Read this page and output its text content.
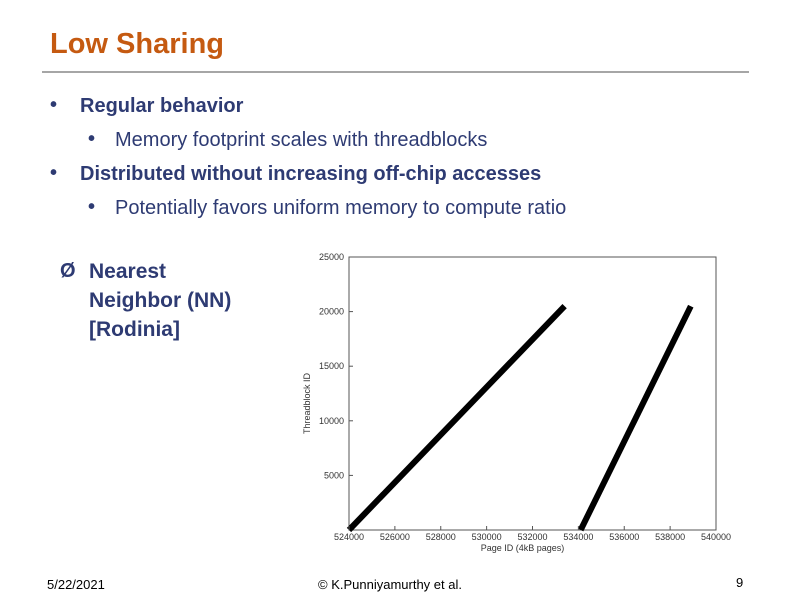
Low Sharing
• Regular behavior
• Memory footprint scales with threadblocks
• Distributed without increasing off-chip accesses
• Potentially favors uniform memory to compute ratio
Ø Nearest
Neighbor (NN)
[Rodinia]
524000 526000 528000 530000 532000 534000 536000 538000 540000
5000
10000
15000
20000
25000
Page ID (4kB pages)
Threadblock ID
5/22/2021	© K.Punniyamurthy et al.	9
